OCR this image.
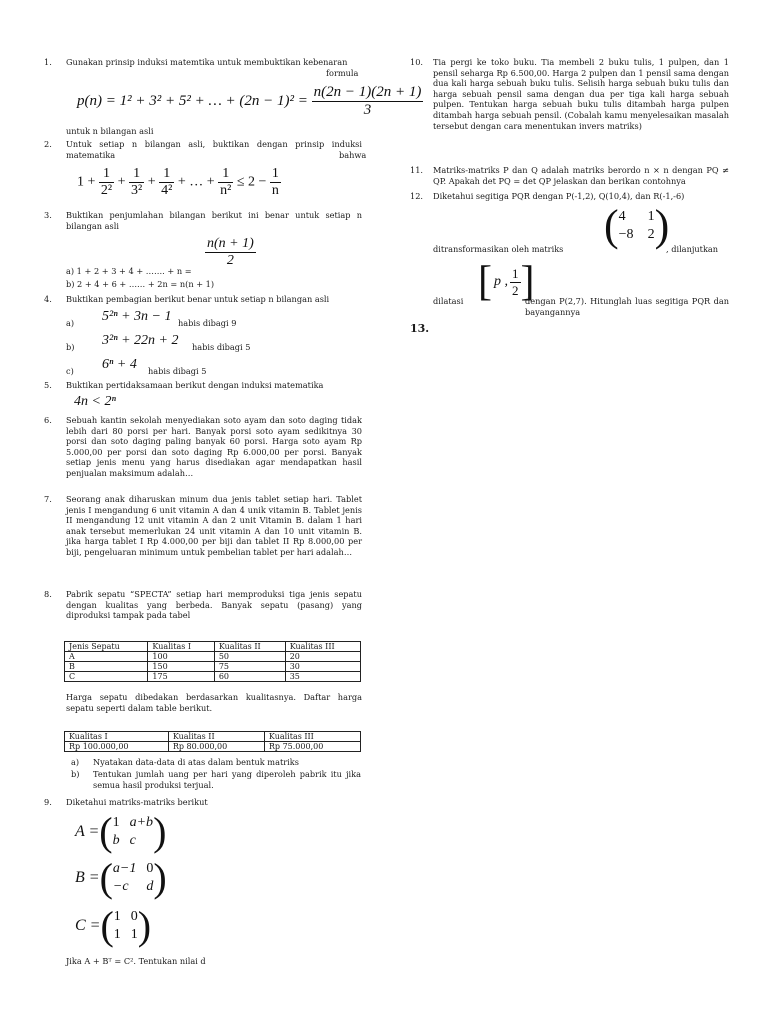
1. Gunakan prinsip induksi matemtika untuk membuktikan kebenaran
formula
p(n) = 1² + 3² + 5² + … + $(2n - 1)^2 = \frac{n(2n - 1)(2n + 1)}{3}$
untuk n bilangan asli
2. Untuk setiap n bilangan asli, buktikan dengan prinsip induksi matematika	bahwa
$1 + \frac{1}{\text{2²}} + \frac{1}{\text{3²}} + \frac{1}{\text{4²}}$ + … + $\frac{1}{\text{n²}} \le 2 - \frac{1}{n}$
3. Buktikan penjumlahan bilangan berikut ini benar untuk setiap n bilangan asli
$\frac{n(n + 1)}{2}$
a) 1 + 2 + 3 + 4 + ……. + n =
b) 2 + 4 + 6 + …… + 2n = n(n + 1)
4. Buktikan pembagian berikut benar untuk setiap n bilangan asli
a) 5²ⁿ + 3n − 1 habis dibagi 9
b) 3²ⁿ + 22n + 2 habis dibagi 5
c) 6ⁿ + 4 habis dibagi 5
5. Buktikan pertidaksamaan berikut dengan induksi matematika
4n < 2ⁿ
6. Sebuah kantin sekolah menyediakan soto ayam dan soto daging tidak lebih dari 80 porsi per hari. Banyak porsi soto ayam sedikitnya 30 porsi dan soto daging paling banyak 60 porsi. Harga soto ayam Rp 5.000,00 per porsi dan soto daging Rp 6.000,00 per porsi. Banyak setiap jenis menu yang harus disediakan agar mendapatkan hasil penjualan maksimum adalah…
7. Seorang anak diharuskan minum dua jenis tablet setiap hari. Tablet jenis I mengandung 6 unit vitamin A dan 4 unik vitamin B. Tablet jenis II mengandung 12 unit vitamin A dan 2 unit Vitamin B. dalam 1 hari anak tersebut memerlukan 24 unit vitamin A dan 10 unit vitamin B. jika harga tablet I Rp 4.000,00 per biji dan tablet II Rp 8.000,00 per biji, pengeluaran minimum untuk pembelian tablet per hari adalah…
8. Pabrik sepatu “SPECTA” setiap hari memproduksi tiga jenis sepatu dengan kualitas yang berbeda. Banyak sepatu (pasang) yang diproduksi tampak pada tabel
Jenis Sepatu	Kualitas I	Kualitas II	Kualitas III
A	100	50	20
B	150	75	30
C	175	60	35
Harga sepatu dibedakan berdasarkan kualitasnya. Daftar harga sepatu seperti dalam table berikut.
Kualitas I	Kualitas II	Kualitas III
Rp 100.000,00	Rp 80.000,00	Rp 75.000,00
a) Nyatakan data-data di atas dalam bentuk matriks
b) Tentukan jumlah uang per hari yang diperoleh pabrik itu jika semua hasil produksi terjual.
9. Diketahui matriks-matriks berikut
A = ( 1 a+b
b c )
B = ( a−1 0
−c	d )
C = ( 1 0
1 1 )
Jika A + Bᵀ = C². Tentukan nilai d
10. Tia pergi ke toko buku. Tia membeli 2 buku tulis, 1 pulpen, dan 1 pensil seharga Rp 6.500,00. Harga 2 pulpen dan 1 pensil sama dengan dua kali harga sebuah buku tulis. Selisih harga sebuah buku tulis dan harga sebuah pensil sama dengan dua per tiga kali harga sebuah pulpen. Tentukan harga sebuah buku tulis ditambah harga pulpen ditambah harga sebuah pensil. (Cobalah kamu menyelesaikan masalah tersebut dengan cara menentukan invers matriks)
11. Matriks-matriks P dan Q adalah matriks berordo n × n dengan PQ ≠ QP. Apakah det PQ = det QP jelaskan dan berikan contohnya
12. Diketahui segitiga PQR dengan P(-1,2), Q(10,4), dan R(-1,-6)
ditransformasikan oleh matriks ( 4	1
−8 2 )
, dilanjutkan
dilatasi [ p , $\frac{1}{2}$ ]
dengan P(2,7). Hitunglah luas segitiga PQR dan bayangannya
13.
